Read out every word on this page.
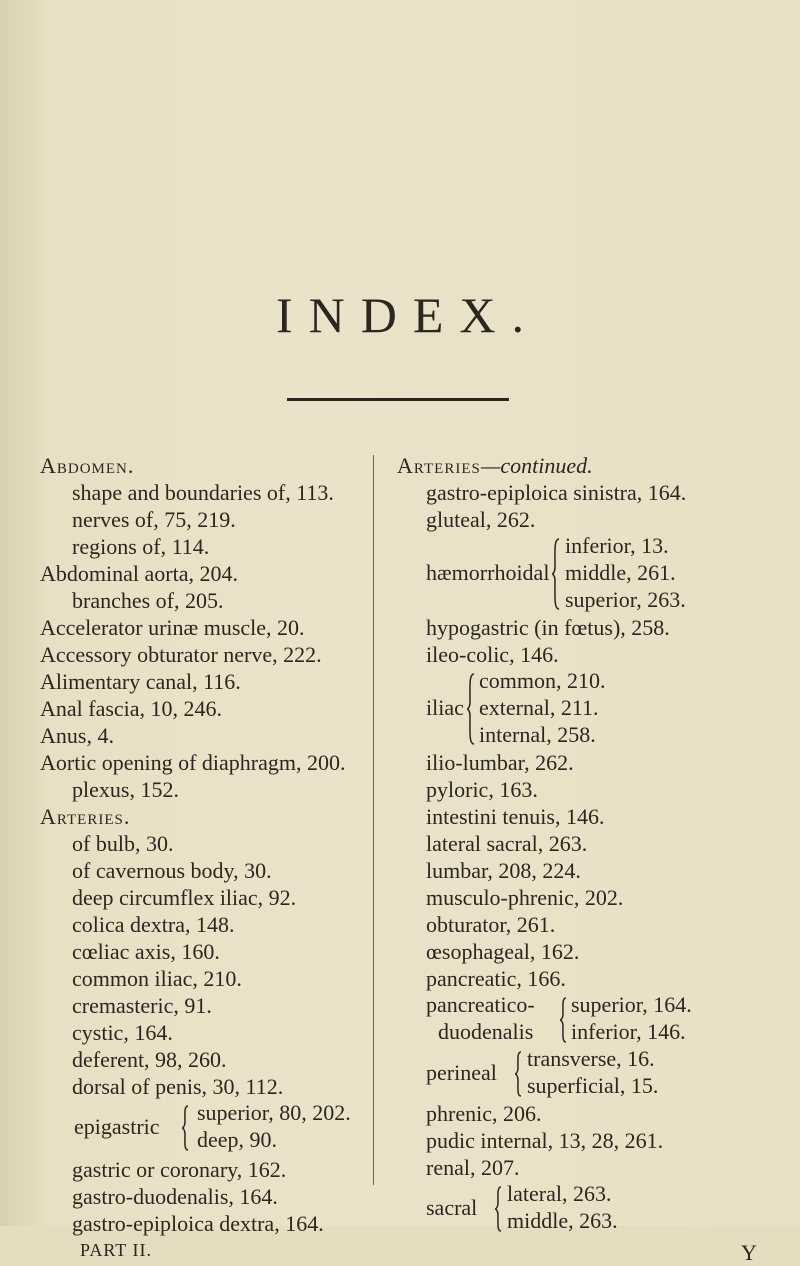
INDEX.
Abdomen.
shape and boundaries of, 113.
nerves of, 75, 219.
regions of, 114.
Abdominal aorta, 204.
branches of, 205.
Accelerator urinæ muscle, 20.
Accessory obturator nerve, 222.
Alimentary canal, 116.
Anal fascia, 10, 246.
Anus, 4.
Aortic opening of diaphragm, 200.
plexus, 152.
Arteries.
of bulb, 30.
of cavernous body, 30.
deep circumflex iliac, 92.
colica dextra, 148.
cœliac axis, 160.
common iliac, 210.
cremasteric, 91.
cystic, 164.
deferent, 98, 260.
dorsal of penis, 30, 112.
epigastric
superior, 80, 202.
deep, 90.
gastric or coronary, 162.
gastro-duodenalis, 164.
gastro-epiploica dextra, 164.
PART II.
Arteries—continued.
gastro-epiploica sinistra, 164.
gluteal, 262.
hæmorrhoidal
inferior, 13.
middle, 261.
superior, 263.
hypogastric (in fœtus), 258.
ileo-colic, 146.
iliac
common, 210.
external, 211.
internal, 258.
ilio-lumbar, 262.
pyloric, 163.
intestini tenuis, 146.
lateral sacral, 263.
lumbar, 208, 224.
musculo-phrenic, 202.
obturator, 261.
œsophageal, 162.
pancreatic, 166.
pancreatico-
duodenalis
superior, 164.
inferior, 146.
perineal
transverse, 16.
superficial, 15.
phrenic, 206.
pudic internal, 13, 28, 261.
renal, 207.
sacral
lateral, 263.
middle, 263.
Y
